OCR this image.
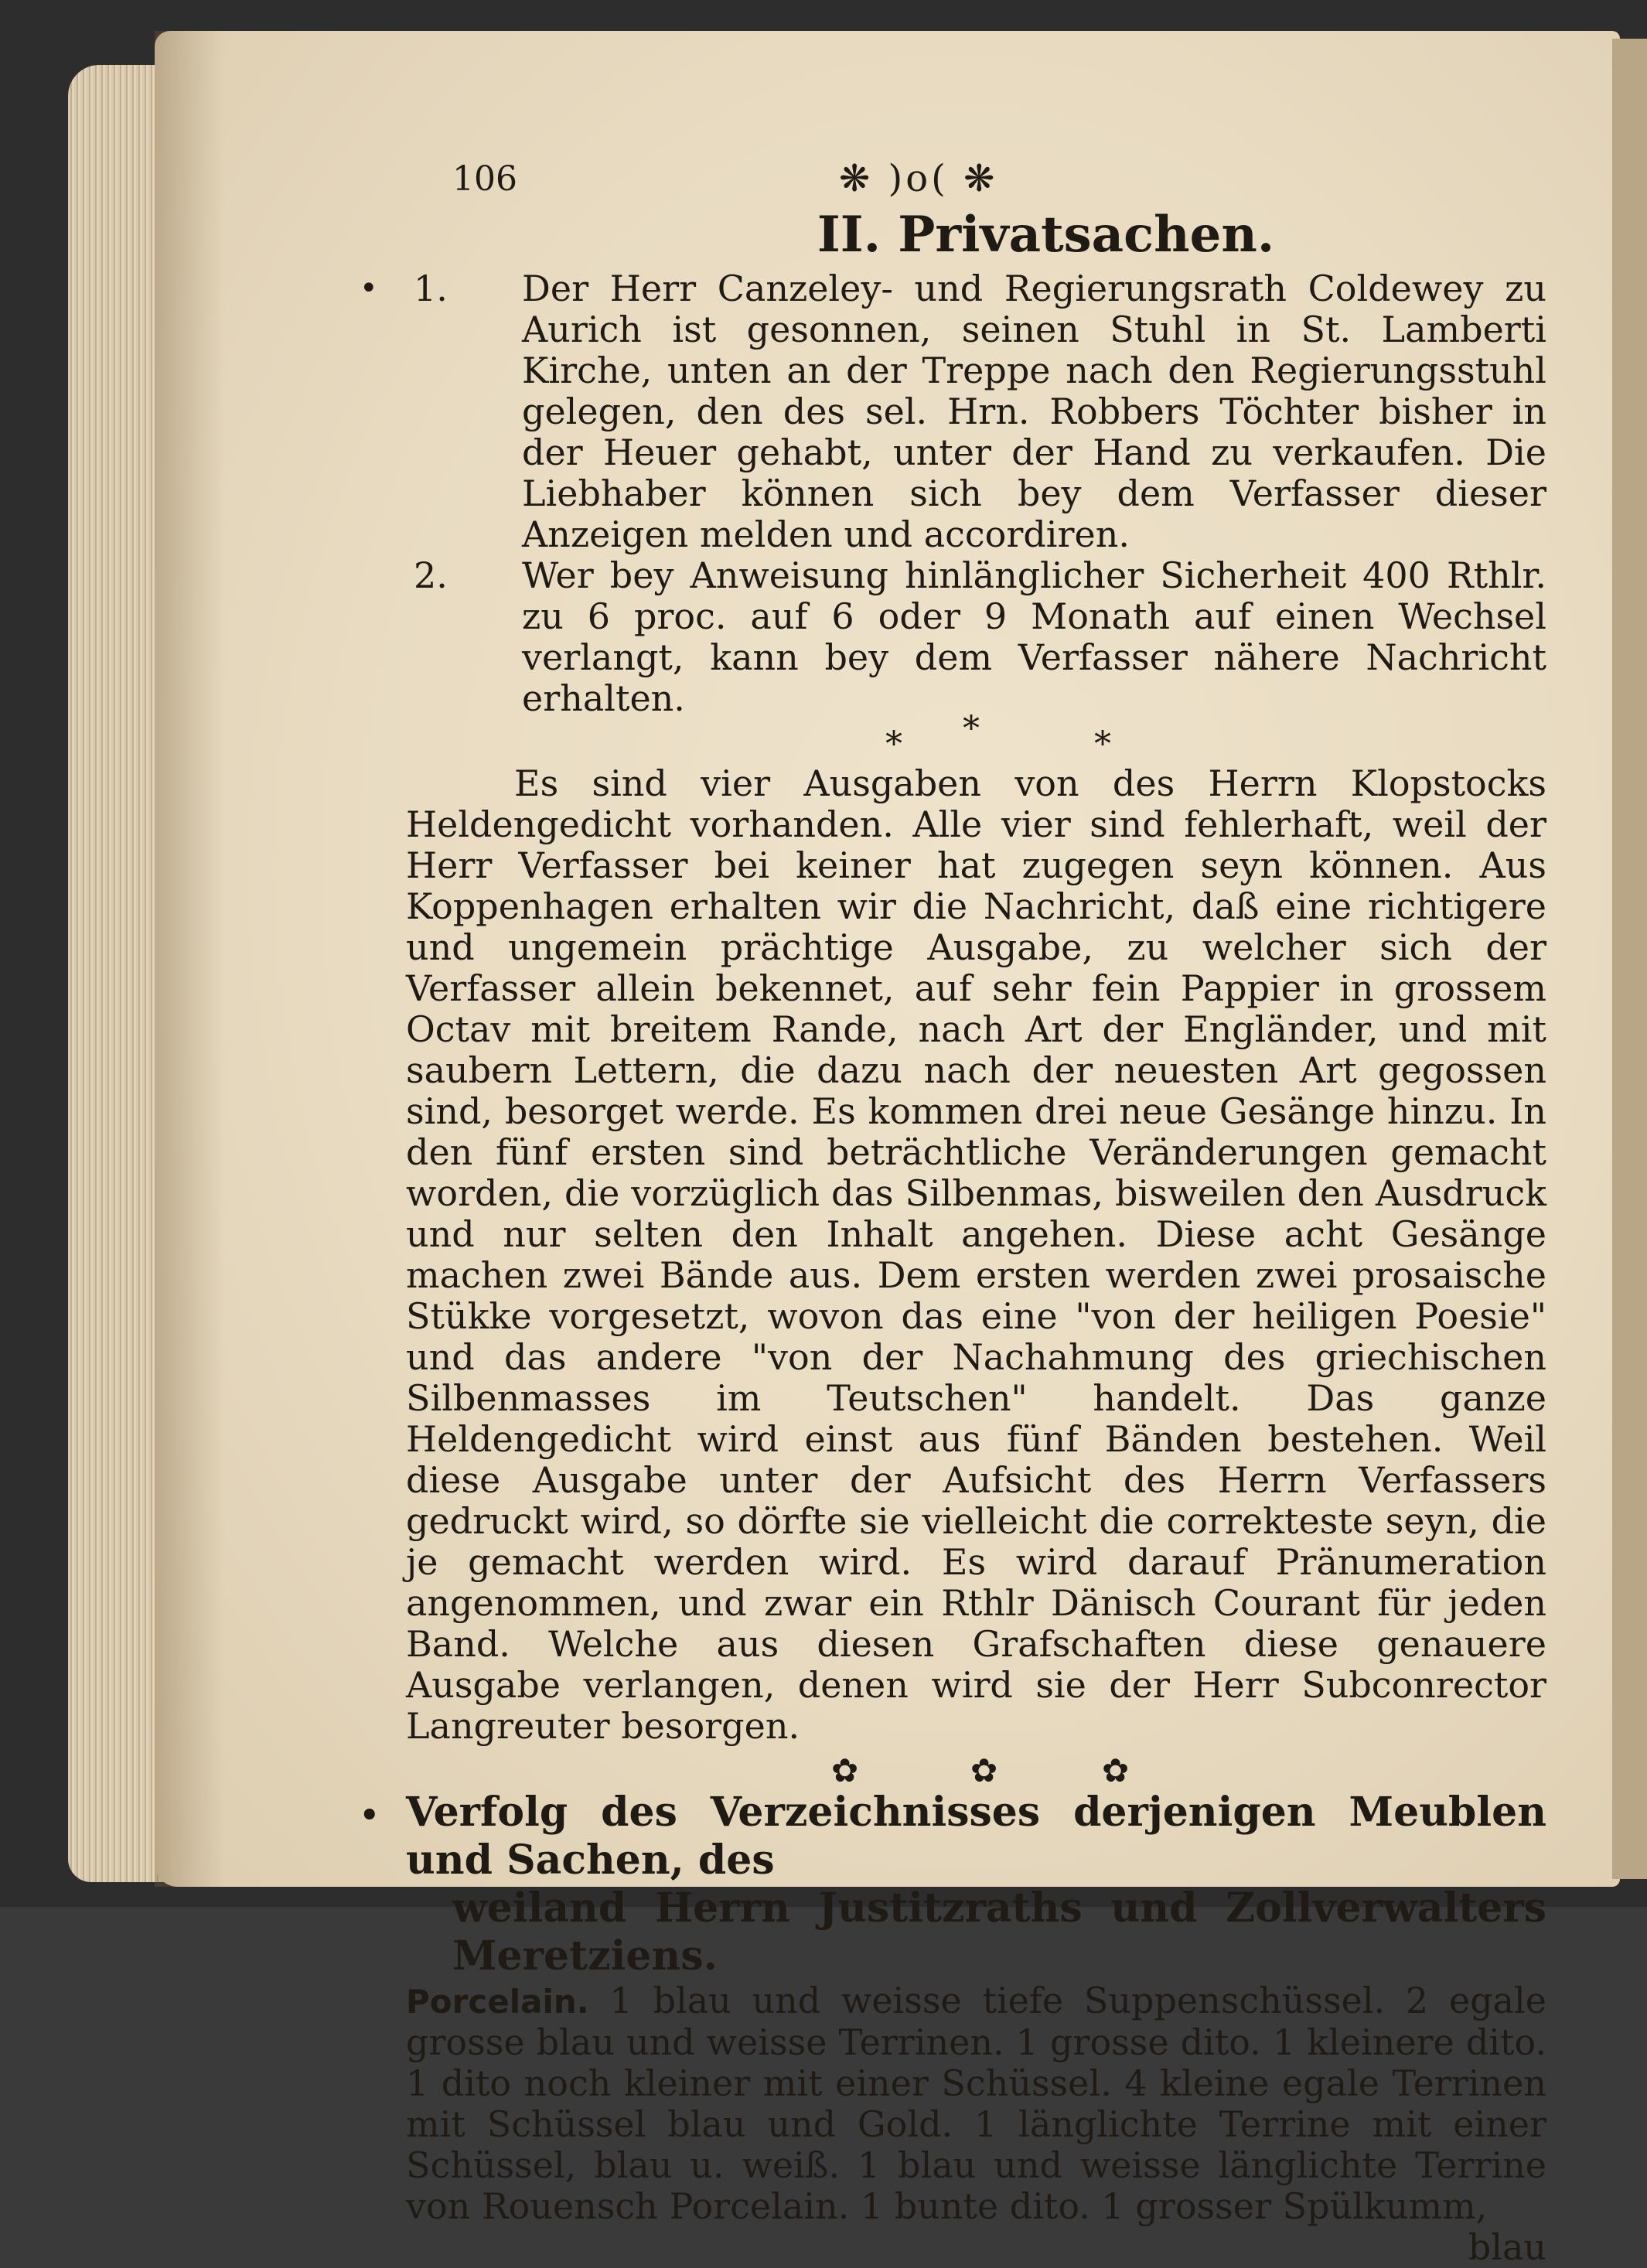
106	❋ )o( ❋
II. Privatsachen.
• 1. Der Herr Canzeley- und Regierungsrath Coldewey zu Aurich ist gesonnen, seinen Stuhl in St. Lamberti Kirche, unten an der Treppe nach den Regierungsstuhl gelegen, den des sel. Hrn. Robbers Töchter bisher in der Heuer gehabt, unter der Hand zu verkaufen. Die Liebhaber können sich bey dem Verfasser dieser Anzeigen melden und accordiren.
2. Wer bey Anweisung hinlänglicher Sicherheit 400 Rthlr. zu 6 proc. auf 6 oder 9 Monath auf einen Wechsel verlangt, kann bey dem Verfasser nähere Nachricht erhalten.
* *	*

Es sind vier Ausgaben von des Herrn Klopstocks Heldengedicht vorhanden. Alle vier sind fehlerhaft, weil der Herr Verfasser bei keiner hat zugegen seyn können. Aus Koppenhagen erhalten wir die Nachricht, daß eine richtigere und ungemein prächtige Ausgabe, zu welcher sich der Verfasser allein bekennet, auf sehr fein Pappier in grossem Octav mit breitem Rande, nach Art der Engländer, und mit saubern Lettern, die dazu nach der neuesten Art gegossen sind, besorget werde. Es kommen drei neue Gesänge hinzu. In den fünf ersten sind beträchtliche Veränderungen gemacht worden, die vorzüglich das Silbenmas, bisweilen den Ausdruck und nur selten den Inhalt angehen. Diese acht Gesänge machen zwei Bände aus. Dem ersten werden zwei prosaische Stükke vorgesetzt, wovon das eine "von der heiligen Poesie" und das andere "von der Nachahmung des griechischen Silbenmasses im Teutschen" handelt. Das ganze Heldengedicht wird einst aus fünf Bänden bestehen. Weil diese Ausgabe unter der Aufsicht des Herrn Verfassers gedruckt wird, so dörfte sie vielleicht die correkteste seyn, die je gemacht werden wird. Es wird darauf Pränumeration angenommen, und zwar ein Rthlr Dänisch Courant für jeden Band. Welche aus diesen Grafschaften diese genauere Ausgabe verlangen, denen wird sie der Herr Subconrector Langreuter besorgen.

✿	✿	✿
• Verfolg des Verzeichnisses derjenigen Meublen und Sachen, des
weiland Herrn Justitzraths und Zollverwalters Meretziens.
Porcelain. 1 blau und weisse tiefe Suppenschüssel. 2 egale grosse blau und weisse Terrinen. 1 grosse dito. 1 kleinere dito. 1 dito noch kleiner mit einer Schüssel. 4 kleine egale Terrinen mit Schüssel blau und Gold. 1 länglichte Terrine mit einer Schüssel, blau u. weiß. 1 blau und weisse länglichte Terrine von Rouensch Porcelain. 1 bunte dito. 1 grosser Spülkumm,
blau
